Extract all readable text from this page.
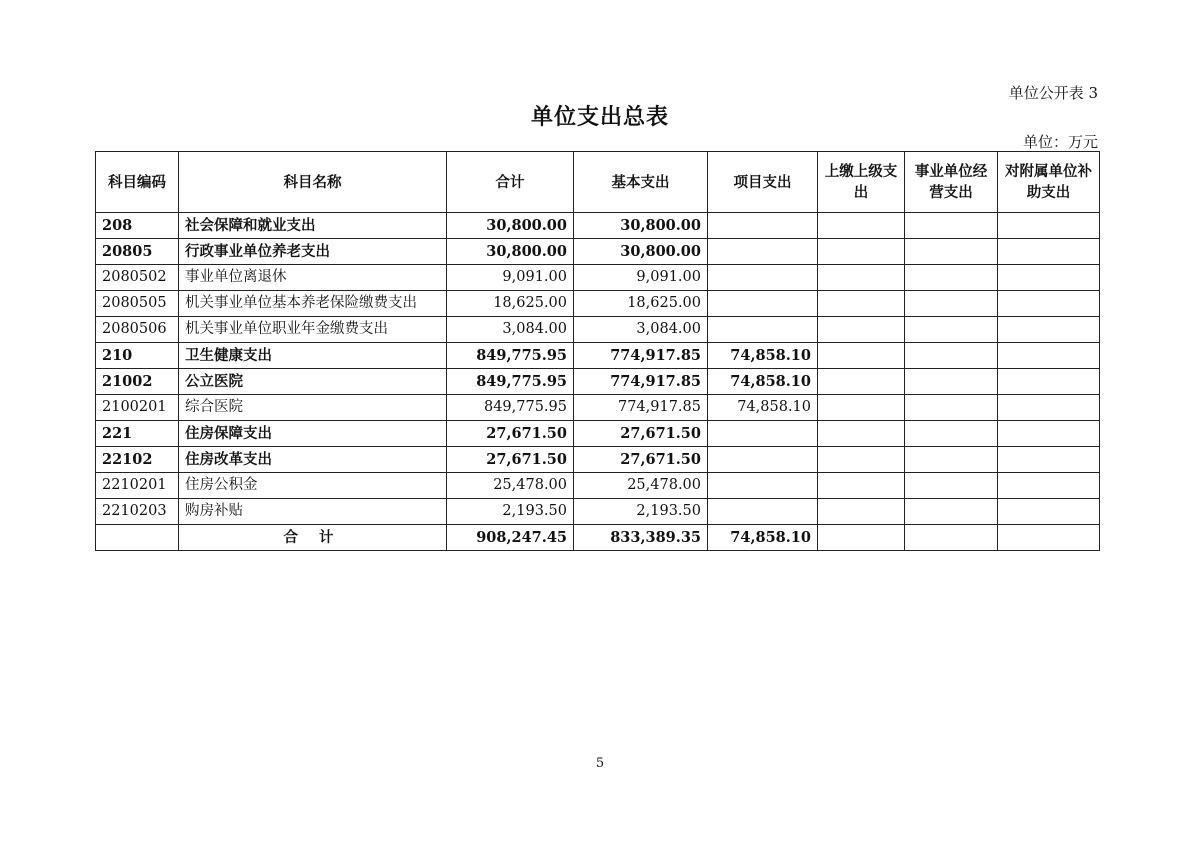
单位公开表 3
单位支出总表
单位：万元
科目编码	科目名称	合计	基本支出	项目支出	上缴上级支出	事业单位经营支出	对附属单位补助支出
208	社会保障和就业支出	30,800.00	30,800.00				
20805	行政事业单位养老支出	30,800.00	30,800.00				
2080502	事业单位离退休	9,091.00	9,091.00				
2080505	机关事业单位基本养老保险缴费支出	18,625.00	18,625.00				
2080506	机关事业单位职业年金缴费支出	3,084.00	3,084.00				
210	卫生健康支出	849,775.95	774,917.85	74,858.10			
21002	公立医院	849,775.95	774,917.85	74,858.10			
2100201	综合医院	849,775.95	774,917.85	74,858.10			
221	住房保障支出	27,671.50	27,671.50				
22102	住房改革支出	27,671.50	27,671.50				
2210201	住房公积金	25,478.00	25,478.00				
2210203	购房补贴	2,193.50	2,193.50				
	合 计	908,247.45	833,389.35	74,858.10			
5
